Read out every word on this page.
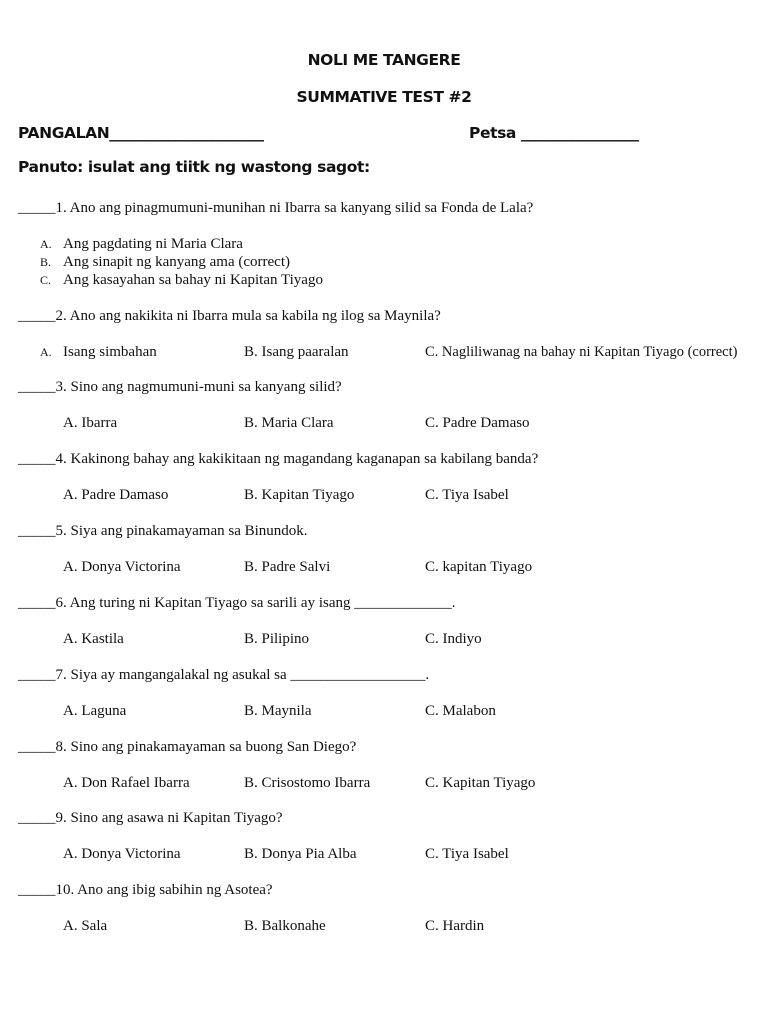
NOLI ME TANGERE
SUMMATIVE TEST #2
PANGALAN_____________________	Petsa ________________
Panuto: isulat ang tiitk ng wastong sagot:
_____1. Ano ang pinagmumuni-munihan ni Ibarra sa kanyang silid sa Fonda de Lala?
A. Ang pagdating ni Maria Clara
B. Ang sinapit ng kanyang ama (correct)
C. Ang kasayahan sa bahay ni Kapitan Tiyago
_____2. Ano ang nakikita ni Ibarra mula sa kabila ng ilog sa Maynila?
A. Isang simbahan	B. Isang paaralan	C. Nagliliwanag na bahay ni Kapitan Tiyago (correct)
_____3. Sino ang nagmumuni-muni sa kanyang silid?
A. Ibarra	B. Maria Clara	C. Padre Damaso
_____4. Kakinong bahay ang kakikitaan ng magandang kaganapan sa kabilang banda?
A. Padre Damaso	B. Kapitan Tiyago	C. Tiya Isabel
_____5. Siya ang pinakamayaman sa Binundok.
A. Donya Victorina	B. Padre Salvi	C. kapitan Tiyago
_____6. Ang turing ni Kapitan Tiyago sa sarili ay isang _____________.
A. Kastila	B. Pilipino	C. Indiyo
_____7. Siya ay mangangalakal ng asukal sa __________________.
A. Laguna	B. Maynila	C. Malabon
_____8. Sino ang pinakamayaman sa buong San Diego?
A. Don Rafael Ibarra	B. Crisostomo Ibarra	C. Kapitan Tiyago
_____9. Sino ang asawa ni Kapitan Tiyago?
A. Donya Victorina	B. Donya Pia Alba	C. Tiya Isabel
_____10. Ano ang ibig sabihin ng Asotea?
A. Sala	B. Balkonahe	C. Hardin
